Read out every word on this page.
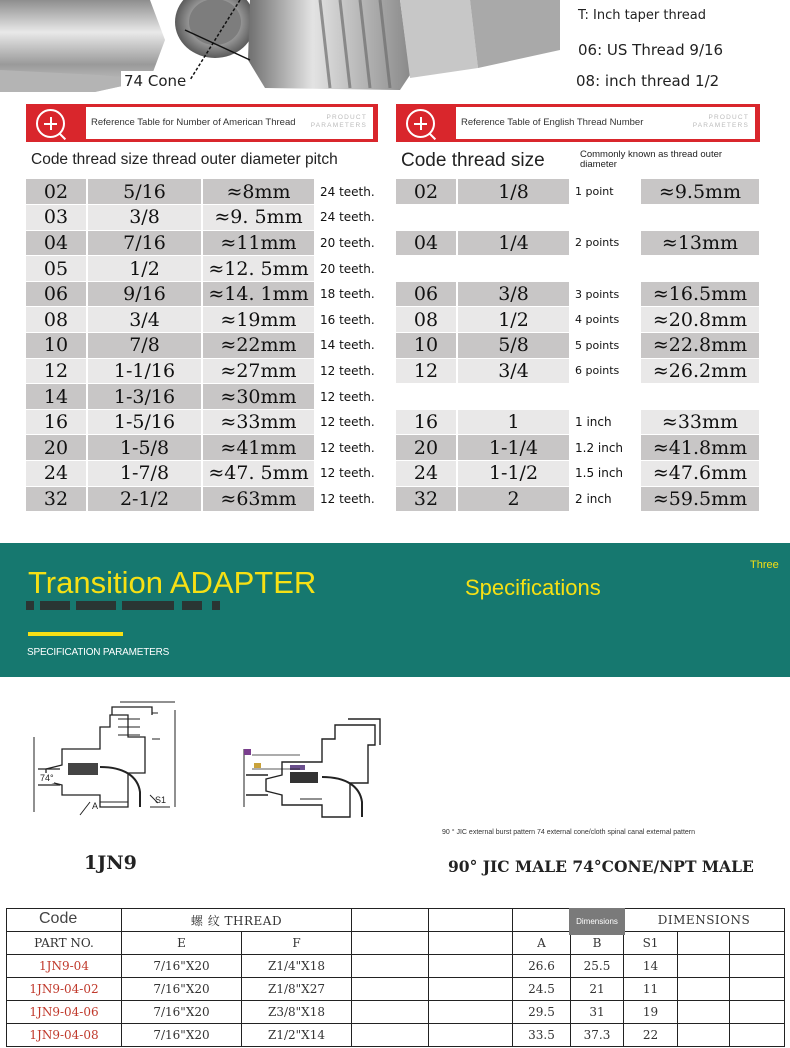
74 Cone
T: Inch taper thread
06: US Thread 9/16
08: inch thread 1/2
Reference Table for Number of American Thread	PRODUCT
PARAMETERS
Code thread size thread outer diameter pitch
02	5/16	≈8mm	24 teeth.
03	3/8	≈9. 5mm	24 teeth.
04	7/16	≈11mm	20 teeth.
05	1/2	≈12. 5mm	20 teeth.
06	9/16	≈14. 1mm	18 teeth.
08	3/4	≈19mm	16 teeth.
10	7/8	≈22mm	14 teeth.
12	1-1/16	≈27mm	12 teeth.
14	1-3/16	≈30mm	12 teeth.
16	1-5/16	≈33mm	12 teeth.
20	1-5/8	≈41mm	12 teeth.
24	1-7/8	≈47. 5mm	12 teeth.
32	2-1/2	≈63mm	12 teeth.
Reference Table of English Thread Number	PRODUCT
PARAMETERS
Code thread size	Commonly known as thread outer diameter
02	1/8	1 point	≈9.5mm

04	1/4	2 points	≈13mm

06	3/8	3 points	≈16.5mm
08	1/2	4 points	≈20.8mm
10	5/8	5 points	≈22.8mm
12	3/4	6 points	≈26.2mm

16	1	1 inch	≈33mm
20	1-1/4	1.2 inch	≈41.8mm
24	1-1/2	1.5 inch	≈47.6mm
32	2	2 inch	≈59.5mm
Transition ADAPTER
SPECIFICATION PARAMETERS
Specifications
Three
74°
A
S1
1JN9
90 ° JIC external burst pattern 74 external cone/cloth spinal canal external pattern
90° JIC MALE 74°CONE/NPT MALE
Code	螺 纹 THREAD						DIMENSIONS		
PART NO.	E	F			A	B	S1		
1JN9-04	7/16"X20	Z1/4"X18			26.6	25.5	14		
1JN9-04-02	7/16"X20	Z1/8"X27			24.5	21	11		
1JN9-04-06	7/16"X20	Z3/8"X18			29.5	31	19		
1JN9-04-08	7/16"X20	Z1/2"X14			33.5	37.3	22		
Dimensions
